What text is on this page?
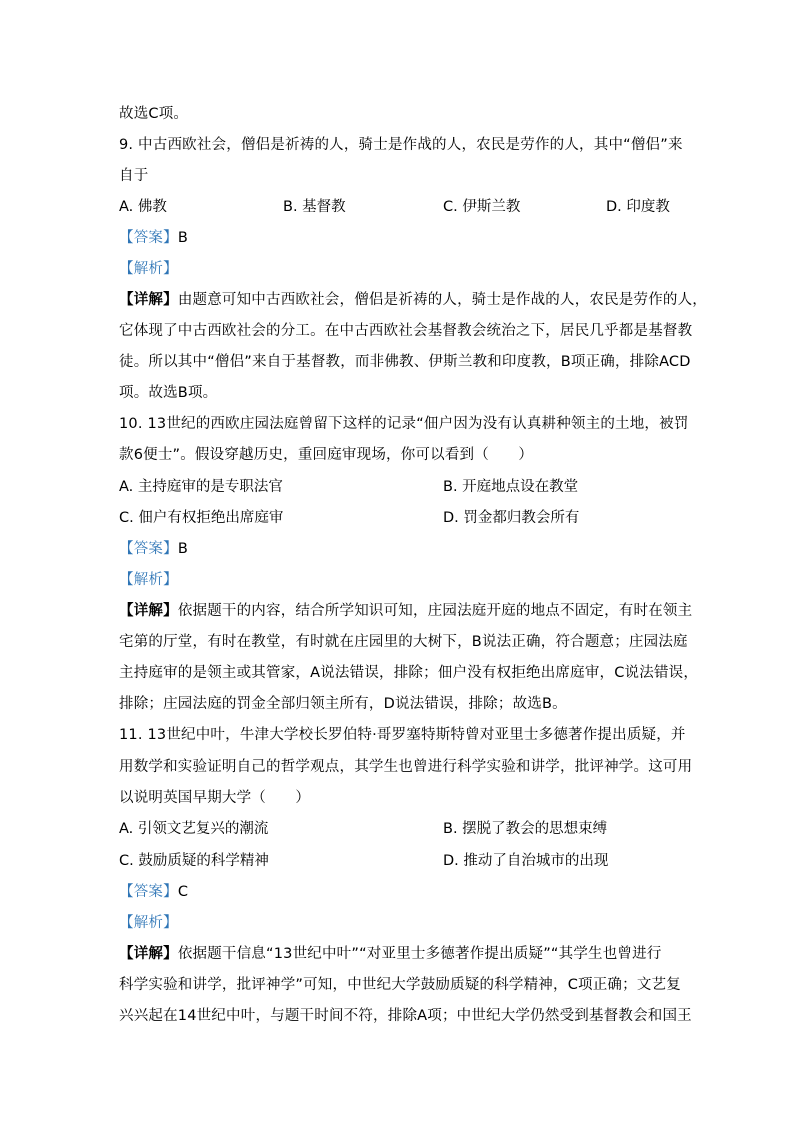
故选C项。
9. 中古西欧社会，僧侣是祈祷的人，骑士是作战的人，农民是劳作的人，其中“僧侣”来
自于
A. 佛教	B. 基督教	C. 伊斯兰教	D. 印度教
【答案】B
【解析】
【详解】由题意可知中古西欧社会，僧侣是祈祷的人，骑士是作战的人，农民是劳作的人，
它体现了中古西欧社会的分工。在中古西欧社会基督教会统治之下，居民几乎都是基督教
徒。所以其中“僧侣”来自于基督教，而非佛教、伊斯兰教和印度教，B项正确，排除ACD
项。故选B项。
10. 13世纪的西欧庄园法庭曾留下这样的记录“佃户因为没有认真耕种领主的土地，被罚
款6便士”。假设穿越历史，重回庭审现场，你可以看到（　　）
A. 主持庭审的是专职法官	B. 开庭地点设在教堂
C. 佃户有权拒绝出席庭审	D. 罚金都归教会所有
【答案】B
【解析】
【详解】依据题干的内容，结合所学知识可知，庄园法庭开庭的地点不固定，有时在领主
宅第的厅堂，有时在教堂，有时就在庄园里的大树下，B说法正确，符合题意；庄园法庭
主持庭审的是领主或其管家，A说法错误，排除；佃户没有权拒绝出席庭审，C说法错误，
排除；庄园法庭的罚金全部归领主所有，D说法错误，排除；故选B。
11. 13世纪中叶，牛津大学校长罗伯特·哥罗塞特斯特曾对亚里士多德著作提出质疑，并
用数学和实验证明自己的哲学观点，其学生也曾进行科学实验和讲学，批评神学。这可用
以说明英国早期大学（　　）
A. 引领文艺复兴的潮流	B. 摆脱了教会的思想束缚
C. 鼓励质疑的科学精神	D. 推动了自治城市的出现
【答案】C
【解析】
【详解】依据题干信息“13世纪中叶”“对亚里士多德著作提出质疑”“其学生也曾进行
科学实验和讲学，批评神学”可知，中世纪大学鼓励质疑的科学精神，C项正确；文艺复
兴兴起在14世纪中叶，与题干时间不符，排除A项；中世纪大学仍然受到基督教会和国王
